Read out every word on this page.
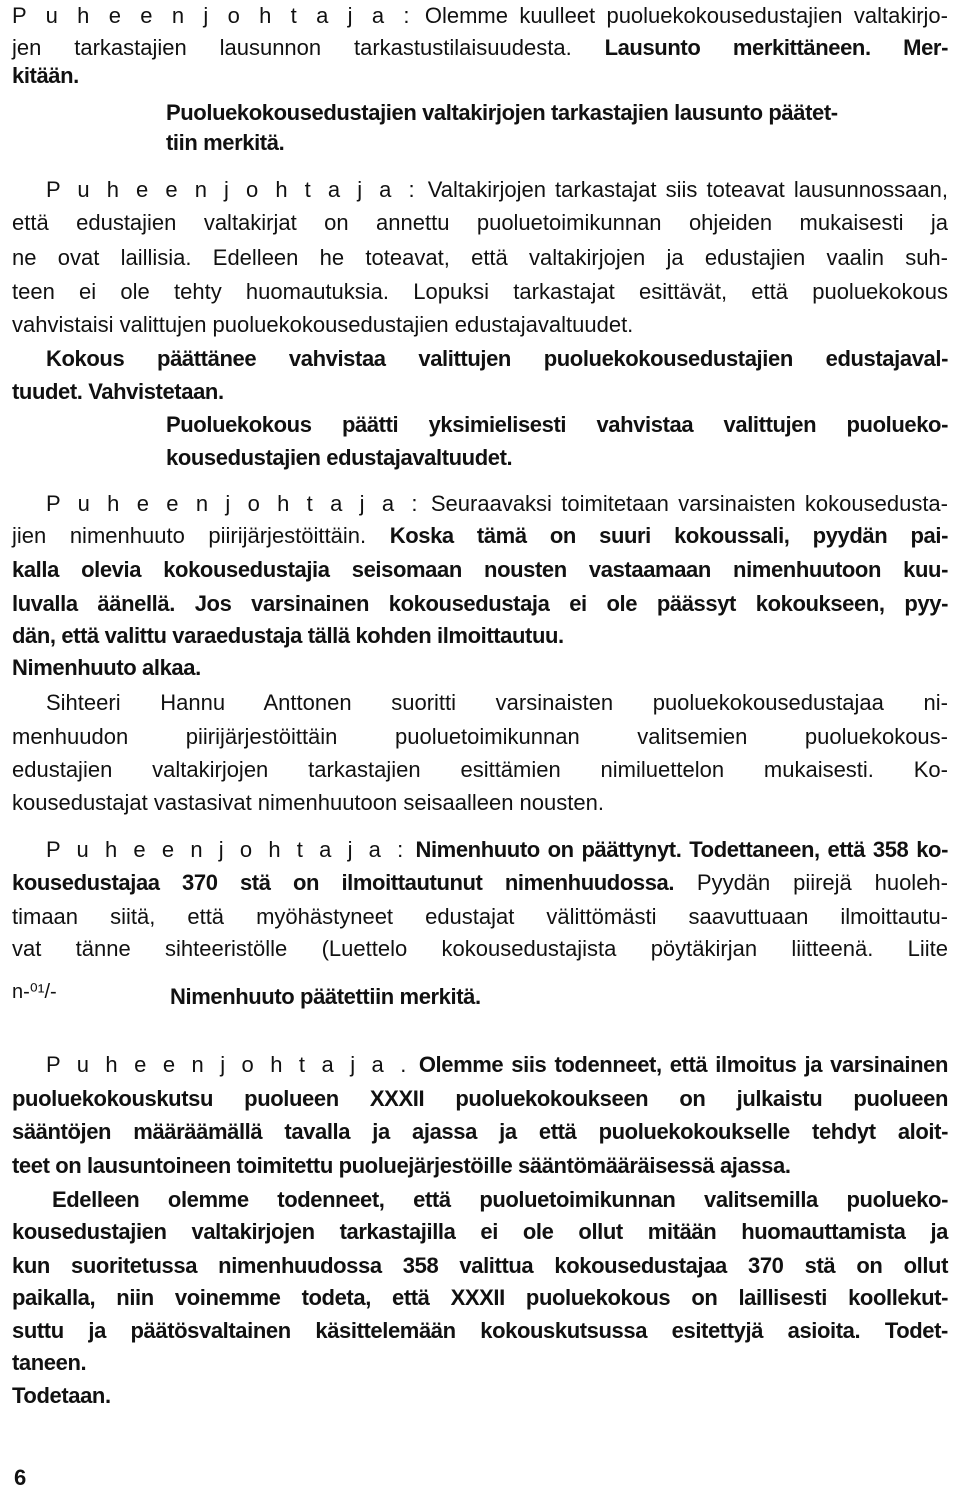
P u h e e n j o h t a j a : Olemme kuulleet puoluekokousedustajien valtakirjo-
jen tarkastajien lausunnon tarkastustilaisuudesta. Lausunto merkittäneen. Mer-
kitään.
Puoluekokousedustajien valtakirjojen tarkastajien lausunto päätet-
tiin merkitä.
P u h e e n j o h t a j a : Valtakirjojen tarkastajat siis toteavat lausunnossaan,
että edustajien valtakirjat on annettu puoluetoimikunnan ohjeiden mukaisesti ja
ne ovat laillisia. Edelleen he toteavat, että valtakirjojen ja edustajien vaalin suh-
teen ei ole tehty huomautuksia. Lopuksi tarkastajat esittävät, että puoluekokous
vahvistaisi valittujen puoluekokousedustajien edustajavaltuudet.
Kokous päättänee vahvistaa valittujen puoluekokousedustajien edustajaval-
tuudet. Vahvistetaan.
Puoluekokous päätti yksimielisesti vahvistaa valittujen puolueko-
kousedustajien edustajavaltuudet.
P u h e e n j o h t a j a : Seuraavaksi toimitetaan varsinaisten kokousedusta-
jien nimenhuuto piirijärjestöittäin. Koska tämä on suuri kokoussali, pyydän pai-
kalla olevia kokousedustajia seisomaan nousten vastaamaan nimenhuutoon kuu-
luvalla äänellä. Jos varsinainen kokousedustaja ei ole päässyt kokoukseen, pyy-
dän, että valittu varaedustaja tällä kohden ilmoittautuu.
Nimenhuuto alkaa.
Sihteeri Hannu Anttonen suoritti varsinaisten puoluekokousedustajaa ni-
menhuudon piirijärjestöittäin puoluetoimikunnan valitsemien puoluekokous-
edustajien valtakirjojen tarkastajien esittämien nimiluettelon mukaisesti. Ko-
kousedustajat vastasivat nimenhuutoon seisaalleen nousten.
P u h e e n j o h t a j a : Nimenhuuto on päättynyt. Todettaneen, että 358 ko-
kousedustajaa 370 stä on ilmoittautunut nimenhuudossa. Pyydän piirejä huoleh-
timaan siitä, että myöhästyneet edustajat välittömästi saavuttuaan ilmoittautu-
vat tänne sihteeristölle (Luettelo kokousedustajista pöytäkirjan liitteenä. Liite
n-⁰¹/-	Nimenhuuto päätettiin merkitä.
P u h e e n j o h t a j a . Olemme siis todenneet, että ilmoitus ja varsinainen
puoluekokouskutsu puolueen XXXII puoluekokoukseen on julkaistu puolueen
sääntöjen määräämällä tavalla ja ajassa ja että puoluekokoukselle tehdyt aloit-
teet on lausuntoineen toimitettu puoluejärjestöille sääntömääräisessä ajassa.
Edelleen olemme todenneet, että puoluetoimikunnan valitsemilla puolueko-
kousedustajien valtakirjojen tarkastajilla ei ole ollut mitään huomauttamista ja
kun suoritetussa nimenhuudossa 358 valittua kokousedustajaa 370 stä on ollut
paikalla, niin voinemme todeta, että XXXII puoluekokous on laillisesti koollekut-
suttu ja päätösvaltainen käsittelemään kokouskutsussa esitettyjä asioita. Todet-
taneen.
Todetaan.
6
